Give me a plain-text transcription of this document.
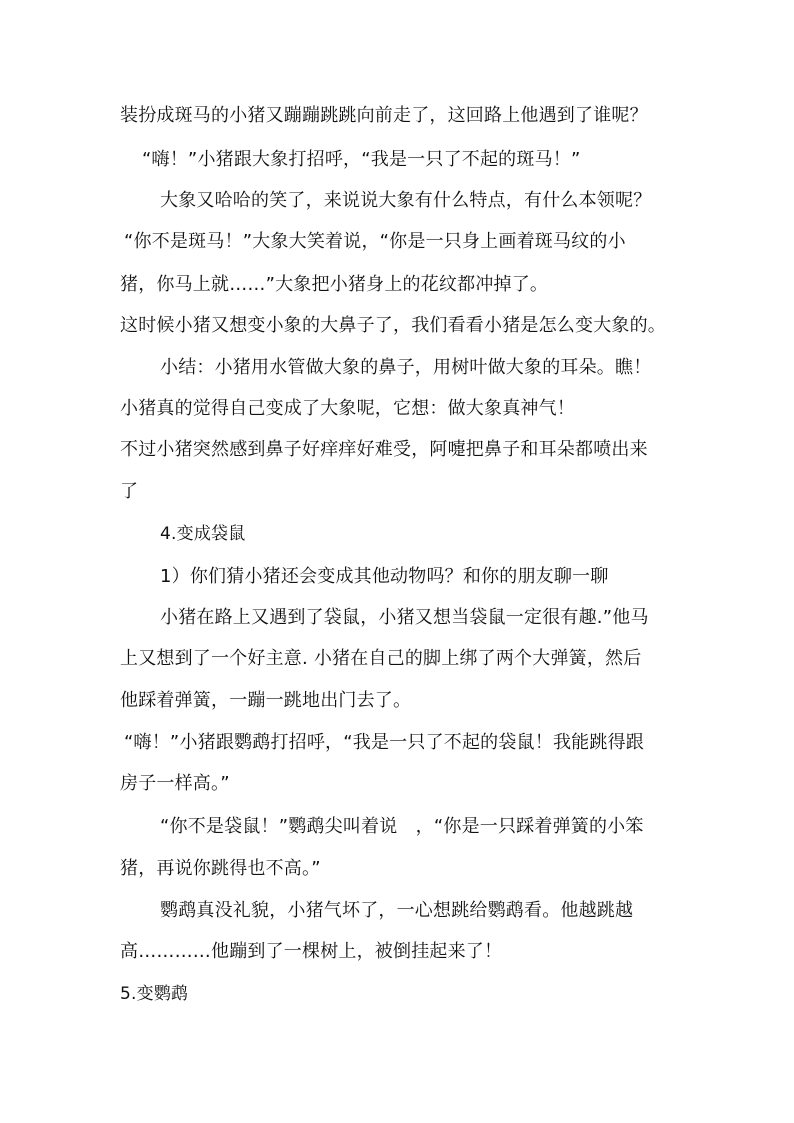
装扮成斑马的小猪又蹦蹦跳跳向前走了，这回路上他遇到了谁呢？
“嗨！”小猪跟大象打招呼，“我是一只了不起的斑马！”
大象又哈哈的笑了，来说说大象有什么特点，有什么本领呢？
“你不是斑马！”大象大笑着说，“你是一只身上画着斑马纹的小
猪，你马上就……”大象把小猪身上的花纹都冲掉了。
这时候小猪又想变小象的大鼻子了，我们看看小猪是怎么变大象的。
小结：小猪用水管做大象的鼻子，用树叶做大象的耳朵。瞧！
小猪真的觉得自己变成了大象呢，它想：做大象真神气！
不过小猪突然感到鼻子好痒痒好难受，阿嚏把鼻子和耳朵都喷出来
了
4.变成袋鼠
1）你们猜小猪还会变成其他动物吗？和你的朋友聊一聊
小猪在路上又遇到了袋鼠，小猪又想当袋鼠一定很有趣.”他马
上又想到了一个好主意. 小猪在自己的脚上绑了两个大弹簧，然后
他踩着弹簧，一蹦一跳地出门去了。
“嗨！”小猪跟鹦鹉打招呼，“我是一只了不起的袋鼠！我能跳得跟
房子一样高。”
“你不是袋鼠！”鹦鹉尖叫着说　，“你是一只踩着弹簧的小笨
猪，再说你跳得也不高。”
鹦鹉真没礼貌，小猪气坏了，一心想跳给鹦鹉看。他越跳越
高…………他蹦到了一棵树上，被倒挂起来了！
5.变鹦鹉
